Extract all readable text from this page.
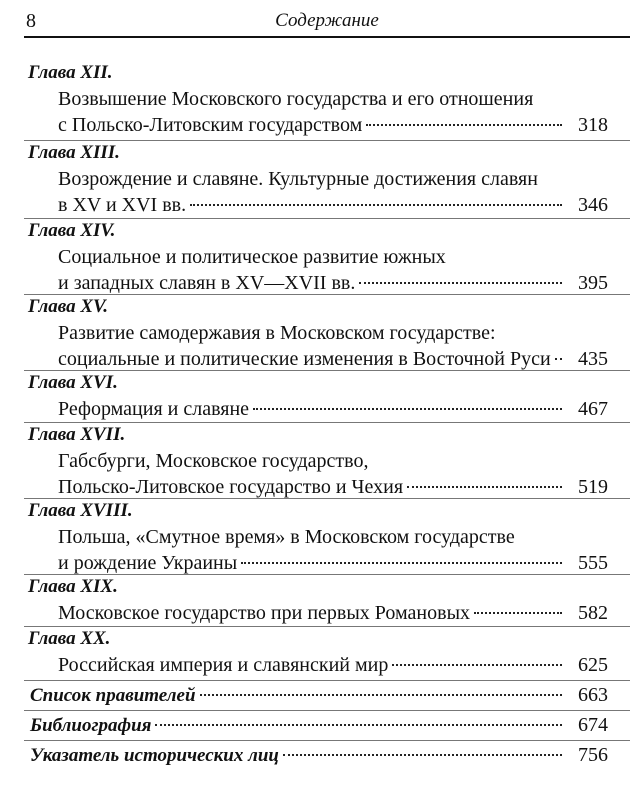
8	Содержание
Глава XII.
Возвышение Московского государства и его отношения
с Польско-Литовским государством	318
Глава XIII.
Возрождение и славяне. Культурные достижения славян
в XV и XVI вв.	346
Глава XIV.
Социальное и политическое развитие южных
и западных славян в XV—XVII вв.	395
Глава XV.
Развитие самодержавия в Московском государстве:
социальные и политические изменения в Восточной Руси	435
Глава XVI.
Реформация и славяне	467
Глава XVII.
Габсбурги, Московское государство,
Польско-Литовское государство и Чехия	519
Глава XVIII.
Польша, «Смутное время» в Московском государстве
и рождение Украины	555
Глава XIX.
Московское государство при первых Романовых	582
Глава XX.
Российская империя и славянский мир	625
Список правителей	663
Библиография	674
Указатель исторических лиц	756
